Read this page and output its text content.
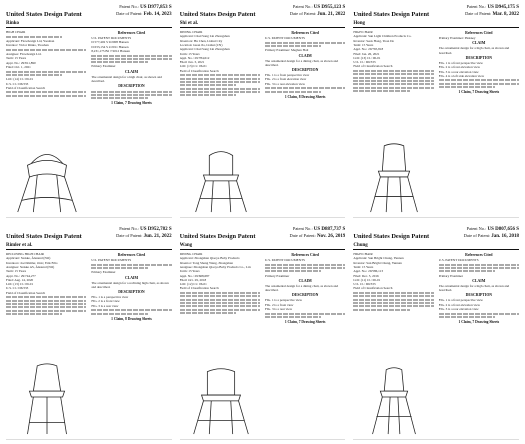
United States Design Patent
Rinko
Patent No.: US D977,853 S
Date of Patent: Feb. 14, 2023
HIGH CHAIR
Applicant: Flowdesign Ltd, Yaoshan
Inventor: Victor Rinko, Yaoshan
Assignee: Flowdesign Ltd.
Term: 15 Years
Appl. No.: 29/811,890
Filed: Oct. 1, 2021
LOC (14) Cl.: 06-01
U.S. Cl.: D6/333
Field of Classification Search
References Cited
U.S. PATENT DOCUMENTS
D 577,402 S 9/2008 Hansen
D 633,154 S 2/2011 Hansen
8,231,175 B2 7/2012 Hansen
Primary Examiner
CLAIM
The ornamental design for a high chair, as shown and described.
DESCRIPTION
1 Claim, 7 Drawing Sheets
United States Design Patent
Shi et al.
Patent No.: US D955,123 S
Date of Patent: Jun. 21, 2022
DINING CHAIR
Applicant: Chad Sang Lin Zhongshan
Inventors: Hu Chen, Lishui City
Location: Guan Jia, Lishui (CN)
Applicant: Chad Sang Lin Zhongshan
Term: 15 Years
Appl. No.: 29/784,612
Filed: Jun. 3, 2021
LOC (13) Cl.: 06-01
Field of Classification Search
References Cited
U.S. PATENT DOCUMENTS
Primary Examiner: Meghan Holt
CLAIM
The ornamental design for a dining chair, as shown and described.
DESCRIPTION
FIG. 1 is a front perspective view
FIG. 2 is a front elevation view
FIG. 3 is a rear elevation view
1 Claim, 8 Drawing Sheets
United States Design Patent
Hong
Patent No.: US D945,175 S
Date of Patent: Mar. 8, 2022
HIGH CHAIR
Applicant: Sun Light Children Products Co.
Inventor: Seok Hong, Yeon Do
Term: 15 Years
Appl. No.: 29/765,818
Filed: Jan. 26, 2021
LOC (13) Cl.: 06-01
U.S. Cl.: D6/333
Field of Classification Search
References Cited
Primary Examiner: Pinkney
CLAIM
The ornamental design for a high chair, as shown and described.
DESCRIPTION
FIG. 1 is a front perspective view
FIG. 2 is a front elevation view
FIG. 3 is a rear elevation view
FIG. 4 is a left side elevation view
1 Claim, 7 Drawing Sheets
United States Design Patent
Rimler et al.
Patent No.: US D952,782 S
Date of Patent: Jun. 21, 2022
RECLINING HIGH CHAIR
Applicant: Stokke, Ålesund (NO)
Inventors: Joel Rimler, Oslo; Erik Friis
Assignee: Stokke AS, Ålesund (NO)
Term: 15 Years
Appl. No.: 29/744,277
Filed: Aug. 14, 2020
LOC (13) Cl.: 06-01
U.S. Cl.: D6/333
Field of Classification Search
References Cited
U.S. PATENT DOCUMENTS
Primary Examiner
CLAIM
The ornamental design for a reclining high chair, as shown and described.
DESCRIPTION
FIG. 1 is a perspective view
FIG. 2 is a front view
FIG. 3 is a rear view
1 Claim, 8 Drawing Sheets
United States Design Patent
Wang
Patent No.: US D887,737 S
Date of Patent: Nov. 26, 2019
DINING CHAIR
Applicant: Zhongshan Qiaoya Baby Products
Inventor: Tong Shang Wang, Zhongshan
Assignee: Zhongshan Qiaoya Baby Products Co., Ltd.
Term: 15 Years
Appl. No.: 29/668,687
Filed: Oct. 29, 2018
LOC (12) Cl.: 06-01
Field of Classification Search
References Cited
U.S. PATENT DOCUMENTS
Primary Examiner
CLAIM
The ornamental design for a dining chair, as shown and described.
DESCRIPTION
FIG. 1 is a perspective view
FIG. 2 is a front view
FIG. 3 is a rear view
1 Claim, 7 Drawing Sheets
United States Design Patent
Chung
Patent No.: US D807,656 S
Date of Patent: Jan. 16, 2018
HIGH CHAIR
Applicant: Sun Bright Chung, Yunnan
Inventor: Sun Bright Chung, Yunnan
Term: 15 Years
Appl. No.: 29/586,113
Filed: Dec. 5, 2016
LOC (11) Cl.: 06-01
U.S. Cl.: D6/333
Field of Classification Search
References Cited
U.S. PATENT DOCUMENTS
Primary Examiner
CLAIM
The ornamental design for a high chair, as shown and described.
DESCRIPTION
FIG. 1 is a front perspective view
FIG. 2 is a front elevation view
FIG. 3 is a rear elevation view
1 Claim, 7 Drawing Sheets
